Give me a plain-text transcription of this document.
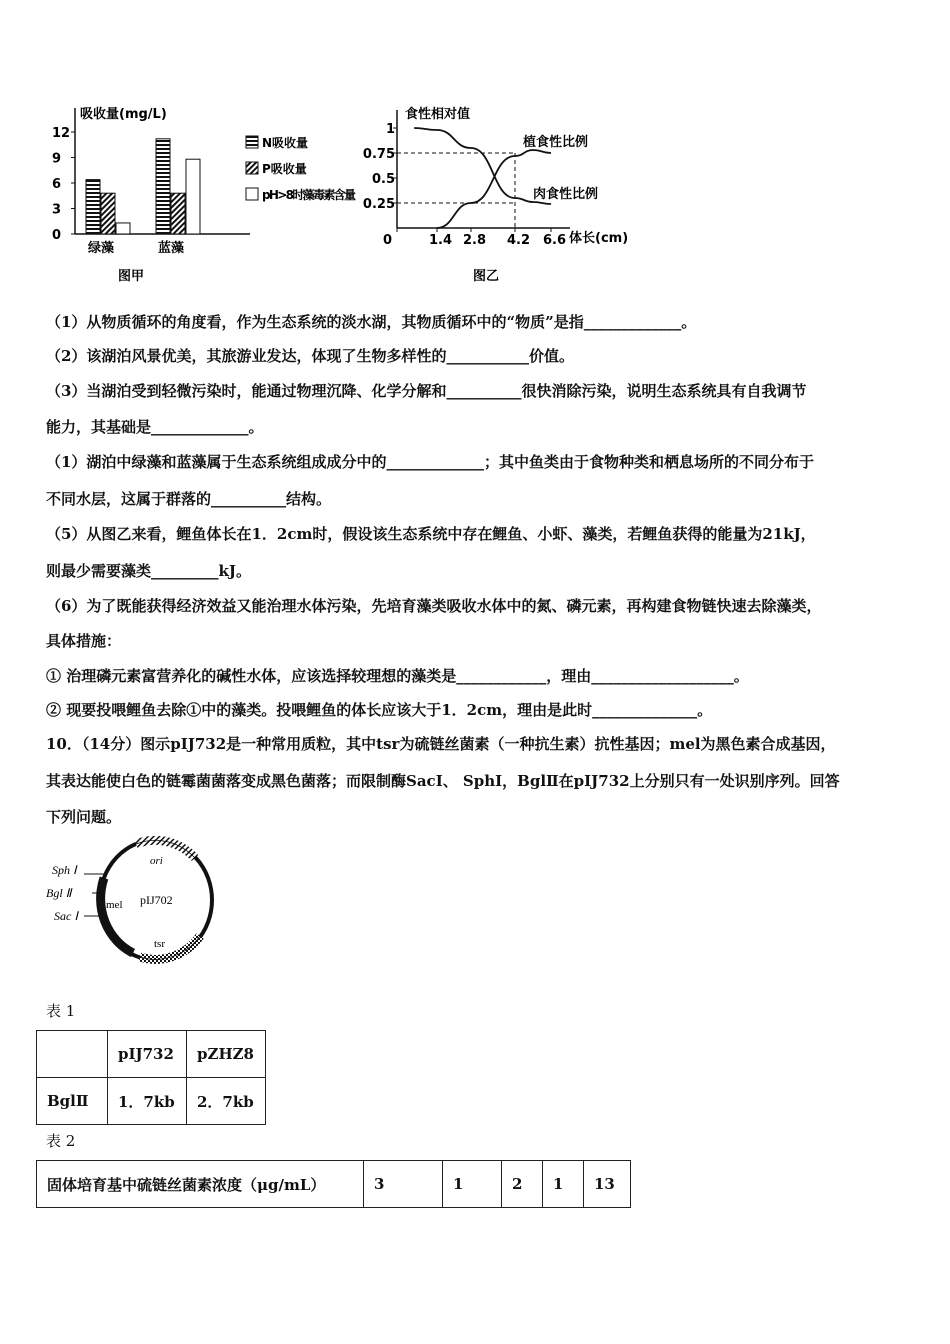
吸收量(mg/L)
12
9
6
3
0
绿藻	蓝藻
图甲
N吸收量
P吸收量
pH>8时藻毒素含量
食性相对值
1
0.75
0.5
0.25
0	1.4 2.8 4.2 6.6 体长(cm)
植食性比例
肉食性比例
图乙
（1）从物质循环的角度看，作为生态系统的淡水湖，其物质循环中的“物质”是指_____________。
（2）该湖泊风景优美，其旅游业发达，体现了生物多样性的___________价值。
（3）当湖泊受到轻微污染时，能通过物理沉降、化学分解和__________很快消除污染，说明生态系统具有自我调节
能力，其基础是_____________。
（1）湖泊中绿藻和蓝藻属于生态系统组成成分中的_____________；其中鱼类由于食物种类和栖息场所的不同分布于
不同水层，这属于群落的__________结构。
（5）从图乙来看，鲤鱼体长在1．2cm时，假设该生态系统中存在鲤鱼、小虾、藻类，若鲤鱼获得的能量为21kJ，
则最少需要藻类_________kJ。
（6）为了既能获得经济效益又能治理水体污染，先培育藻类吸收水体中的氮、磷元素，再构建食物链快速去除藻类，
具体措施：
① 治理磷元素富营养化的碱性水体，应该选择较理想的藻类是____________，理由___________________。
② 现要投喂鲤鱼去除①中的藻类。投喂鲤鱼的体长应该大于1．2cm，理由是此时______________。
10．（14分）图示pIJ732是一种常用质粒，其中tsr为硫链丝菌素（一种抗生素）抗性基因；mel为黑色素合成基因，
其表达能使白色的链霉菌菌落变成黑色菌落；而限制酶SacⅠ、 SphⅠ，BglⅡ在pIJ732上分别只有一处识别序列。回答
下列问题。
Sph Ⅰ
Bgl Ⅱ
Sac Ⅰ
ori
mel pIJ702
tsr
表 1
	pIJ732	pZHZ8
BglⅡ	1．7kb	2．7kb
表 2
固体培育基中硫链丝菌素浓度（μg/mL）	3	1	2	1	13
